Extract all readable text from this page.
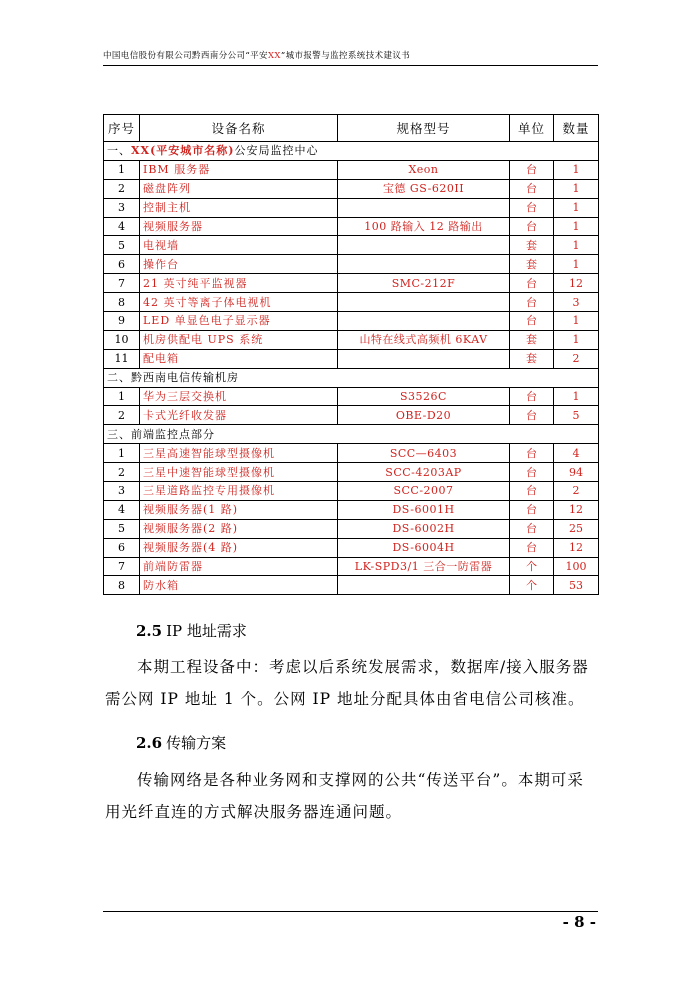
中国电信股份有限公司黔西南分公司“平安XX”城市报警与监控系统技术建议书
序号	设备名称	规格型号	单位	数量
一、XX(平安城市名称)公安局监控中心				
1	IBM 服务器	Xeon	台	1
2	磁盘阵列	宝德 GS-620II	台	1
3	控制主机		台	1
4	视频服务器	100 路输入 12 路输出	台	1
5	电视墙		套	1
6	操作台		套	1
7	21 英寸纯平监视器	SMC-212F	台	12
8	42 英寸等离子体电视机		台	3
9	LED 单显色电子显示器		台	1
10	机房供配电 UPS 系统	山特在线式高频机 6KAV	套	1
11	配电箱		套	2
二、黔西南电信传输机房				
1	华为三层交换机	S3526C	台	1
2	卡式光纤收发器	OBE-D20	台	5
三、前端监控点部分				
1	三星高速智能球型摄像机	SCC—6403	台	4
2	三星中速智能球型摄像机	SCC-4203AP	台	94
3	三星道路监控专用摄像机	SCC-2007	台	2
4	视频服务器(1 路)	DS-6001H	台	12
5	视频服务器(2 路)	DS-6002H	台	25
6	视频服务器(4 路)	DS-6004H	台	12
7	前端防雷器	LK-SPD3/1 三合一防雷器	个	100
8	防水箱		个	53
2.5 IP 地址需求
本期工程设备中：考虑以后系统发展需求，数据库/接入服务器需公网 IP 地址 1 个。公网 IP 地址分配具体由省电信公司核准。
2.6 传输方案
传输网络是各种业务网和支撑网的公共“传送平台”。本期可采用光纤直连的方式解决服务器连通问题。
- 8 -
